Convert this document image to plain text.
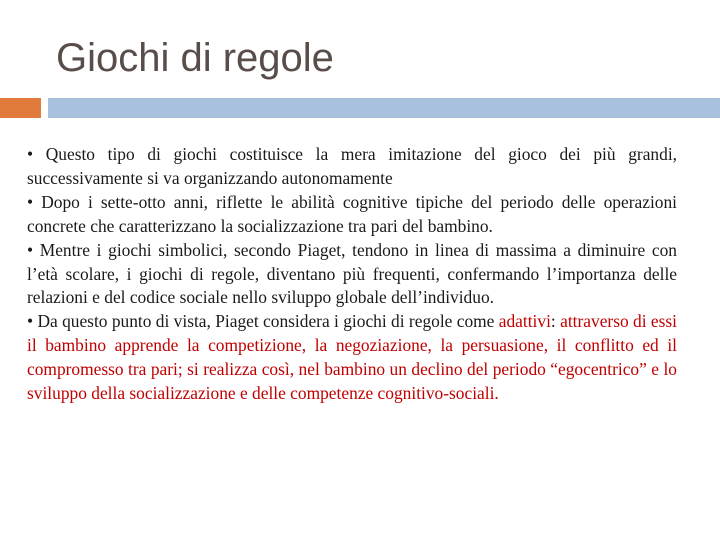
Giochi di regole

• Questo tipo di giochi costituisce la mera imitazione del gioco dei più grandi, successivamente si va organizzando autonomamente

• Dopo i sette-otto anni, riflette le abilità cognitive tipiche del periodo delle operazioni concrete che caratterizzano la socializzazione tra pari del bambino.

• Mentre i giochi simbolici, secondo Piaget, tendono in linea di massima a diminuire con l’età scolare, i giochi di regole, diventano più frequenti, confermando l’importanza delle relazioni e del codice sociale nello sviluppo globale dell’individuo.

• Da questo punto di vista, Piaget considera i giochi di regole come adattivi: attraverso di essi il bambino apprende la competizione, la negoziazione, la persuasione, il conflitto ed il compromesso tra pari; si realizza così, nel bambino un declino del periodo “egocentrico” e lo sviluppo della socializzazione e delle competenze cognitivo-sociali.
